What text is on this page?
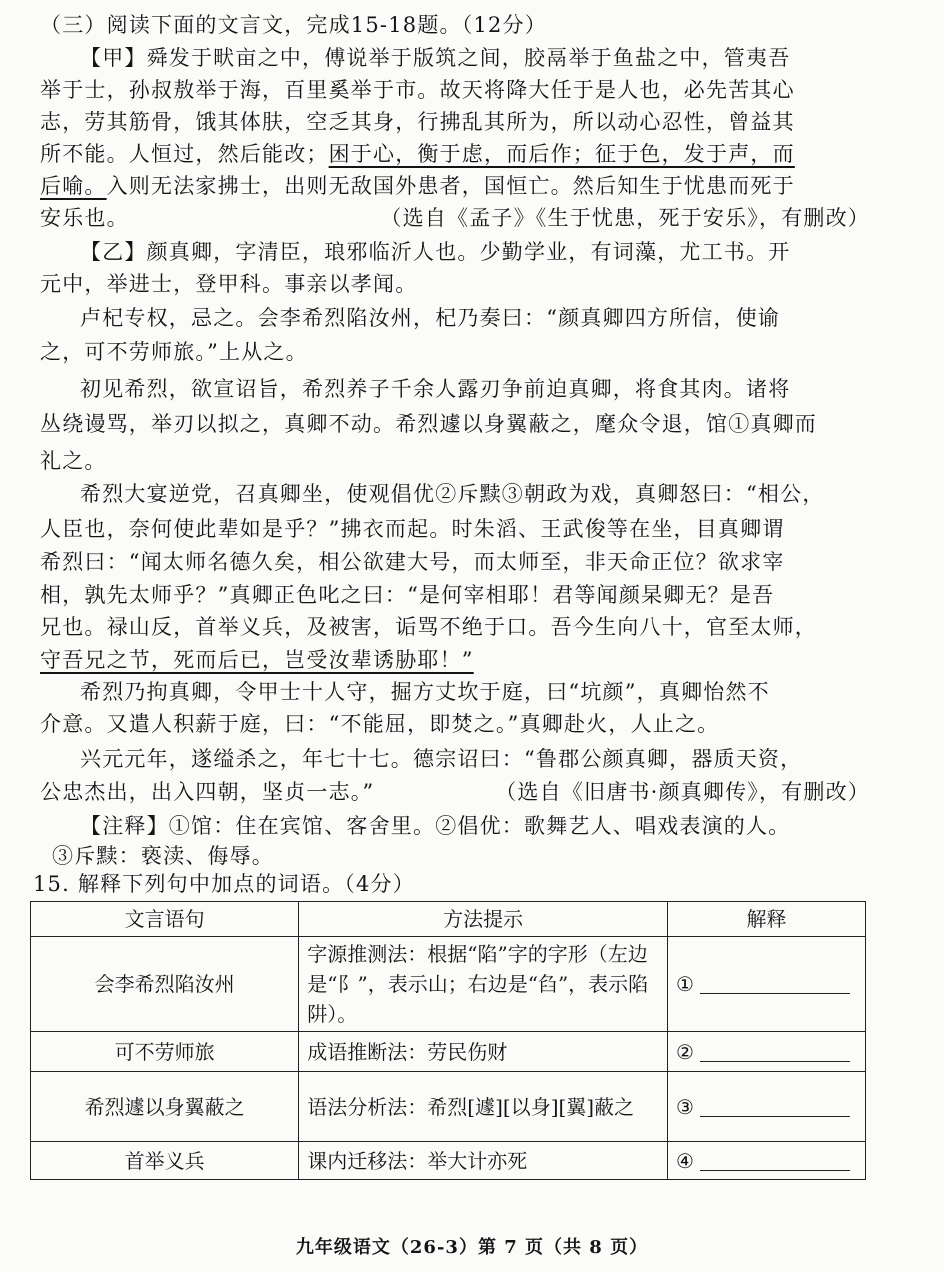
（三）阅读下面的文言文，完成15-18题。（12分）
【甲】舜发于畎亩之中，傅说举于版筑之间，胶鬲举于鱼盐之中，管夷吾
举于士，孙叔敖举于海，百里奚举于市。故天将降大任于是人也，必先苦其心
志，劳其筋骨，饿其体肤，空乏其身，行拂乱其所为，所以动心忍性，曾益其
所不能。人恒过，然后能改；困于心，衡于虑，而后作；征于色，发于声，而
后喻。入则无法家拂士，出则无敌国外患者，国恒亡。然后知生于忧患而死于
安乐也。	（选自《孟子》《生于忧患，死于安乐》，有删改）
【乙】颜真卿，字清臣，琅邪临沂人也。少勤学业，有词藻，尤工书。开
元中，举进士，登甲科。事亲以孝闻。
卢杞专权，忌之。会李希烈陷汝州，杞乃奏曰：“颜真卿四方所信，使谕
之，可不劳师旅。”上从之。
初见希烈，欲宣诏旨，希烈养子千余人露刃争前迫真卿，将食其肉。诸将
丛绕谩骂，举刃以拟之，真卿不动。希烈遽以身翼蔽之，麾众令退，馆①真卿而
礼之。
希烈大宴逆党，召真卿坐，使观倡优②斥黩③朝政为戏，真卿怒曰：“相公，
人臣也，奈何使此辈如是乎？”拂衣而起。时朱滔、王武俊等在坐，目真卿谓
希烈曰：“闻太师名德久矣，相公欲建大号，而太师至，非天命正位？欲求宰
相，孰先太师乎？”真卿正色叱之曰：“是何宰相耶！君等闻颜杲卿无？是吾
兄也。禄山反，首举义兵，及被害，诟骂不绝于口。吾今生向八十，官至太师，
守吾兄之节，死而后已，岂受汝辈诱胁耶！”
希烈乃拘真卿，令甲士十人守，掘方丈坎于庭，曰“坑颜”，真卿怡然不
介意。又遣人积薪于庭，曰：“不能屈，即焚之。”真卿赴火，人止之。
兴元元年，遂缢杀之，年七十七。德宗诏曰：“鲁郡公颜真卿，器质天资，
公忠杰出，出入四朝，坚贞一志。”	（选自《旧唐书·颜真卿传》，有删改）
【注释】①馆：住在宾馆、客舍里。②倡优：歌舞艺人、唱戏表演的人。
③斥黩：亵渎、侮辱。
15. 解释下列句中加点的词语。（4分）
文言语句	方法提示	解释
会李希烈陷汝州	字源推测法：根据“陷”字的字形（左边是“阝”，表示山；右边是“臽”，表示陷阱）。	①
可不劳师旅	成语推断法：劳民伤财	②
希烈遽以身翼蔽之	语法分析法：希烈[遽][以身][翼]蔽之	③
首举义兵	课内迁移法：举大计亦死	④
九年级语文（26-3）第 7 页（共 8 页）
